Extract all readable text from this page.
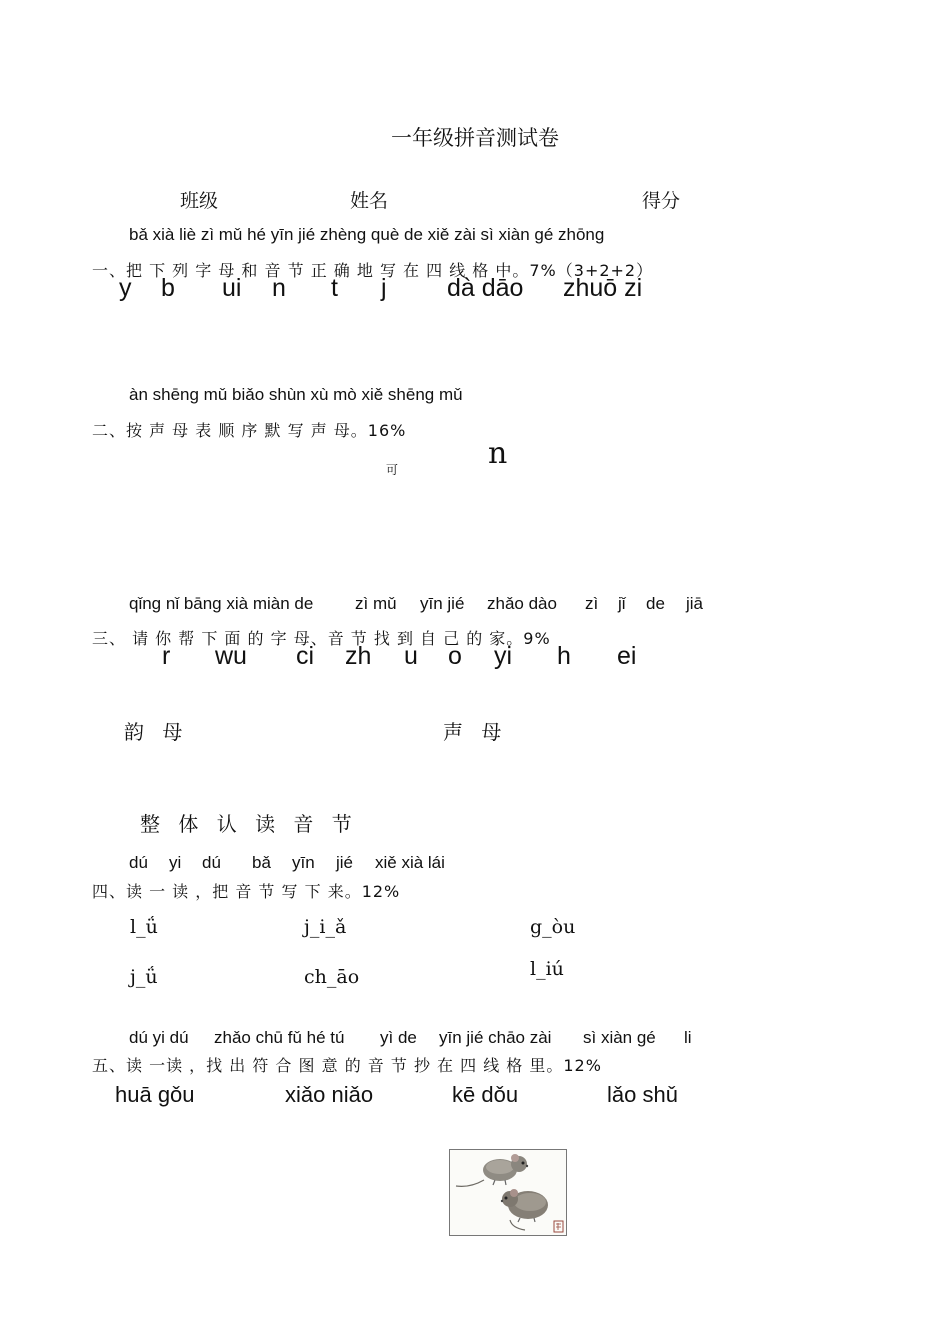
一年级拼音测试卷
班级	姓名	得分
bǎ xià liè zì mǔ hé yīn jié zhèng què de xiě zài sì xiàn gé zhōng
一、把 下 列 字 母 和 音 节 正 确 地 写 在 四 线 格 中。7%（3+2+2）
y b ui n t j dà dāo zhuō zi
àn shēng mǔ biǎo shùn xù mò xiě shēng mǔ
二、按 声 母 表 顺 序 默 写 声 母。16%
可	n
qǐng nǐ bāng xià miàn de zì mǔ yīn jié zhǎo dào zì jǐ de jiā
三、 请 你 帮 下 面 的 字 母、音 节 找 到 自 己 的 家。9%
r wu ci zh u o yi h ei
韵 母	声 母
整 体 认 读 音 节
dú yi dú bǎ yīn jié xiě xià lái
四、读 一 读 ，把 音 节 写 下 来。12%
l_ǘ	j_i_ǎ	g_òu
j_ǘ	ch_āo	l_iú
dú yi dú zhǎo chū fǔ hé tú yì de yīn jié chāo zài sì xiàn gé li
五、读 一读 ，找 出 符 合 图 意 的 音 节 抄 在 四 线 格 里。12%
huā gǒu	xiǎo niǎo	kē dǒu	lǎo shǔ
